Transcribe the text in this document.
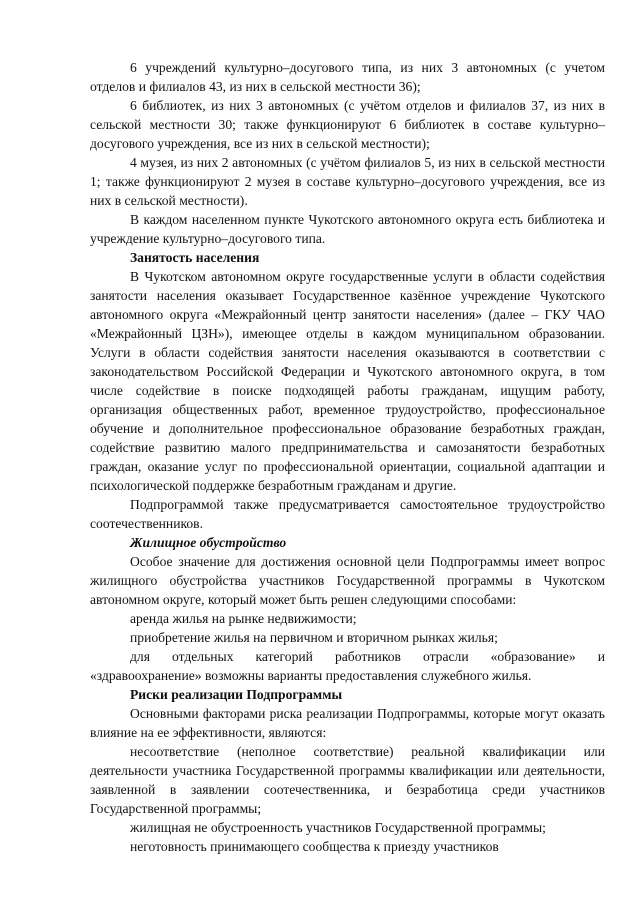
6 учреждений культурно–досугового типа, из них 3 автономных (с учетом отделов и филиалов 43, из них в сельской местности 36);

6 библиотек, из них 3 автономных (с учётом отделов и филиалов 37, из них в сельской местности 30; также функционируют 6 библиотек в составе культурно–досугового учреждения, все из них в сельской местности);

4 музея, из них 2 автономных (с учётом филиалов 5, из них в сельской местности 1; также функционируют 2 музея в составе культурно–досугового учреждения, все из них в сельской местности).

В каждом населенном пункте Чукотского автономного округа есть библиотека и учреждение культурно–досугового типа.

Занятость населения

В Чукотском автономном округе государственные услуги в области содействия занятости населения оказывает Государственное казённое учреждение Чукотского автономного округа «Межрайонный центр занятости населения» (далее – ГКУ ЧАО «Межрайонный ЦЗН»), имеющее отделы в каждом муниципальном образовании. Услуги в области содействия занятости населения оказываются в соответствии с законодательством Российской Федерации и Чукотского автономного округа, в том числе содействие в поиске подходящей работы гражданам, ищущим работу, организация общественных работ, временное трудоустройство, профессиональное обучение и дополнительное профессиональное образование безработных граждан, содействие развитию малого предпринимательства и самозанятости безработных граждан, оказание услуг по профессиональной ориентации, социальной адаптации и психологической поддержке безработным гражданам и другие.

Подпрограммой также предусматривается самостоятельное трудоустройство соотечественников.

Жилищное обустройство

Особое значение для достижения основной цели Подпрограммы имеет вопрос жилищного обустройства участников Государственной программы в Чукотском автономном округе, который может быть решен следующими способами:

аренда жилья на рынке недвижимости;

приобретение жилья на первичном и вторичном рынках жилья;

для отдельных категорий работников отрасли «образование» и «здравоохранение» возможны варианты предоставления служебного жилья.

Риски реализации Подпрограммы

Основными факторами риска реализации Подпрограммы, которые могут оказать влияние на ее эффективности, являются:

несоответствие (неполное соответствие) реальной квалификации или деятельности участника Государственной программы квалификации или деятельности, заявленной в заявлении соотечественника, и безработица среди участников Государственной программы;

жилищная не обустроенность участников Государственной программы;

неготовность принимающего сообщества к приезду участников
